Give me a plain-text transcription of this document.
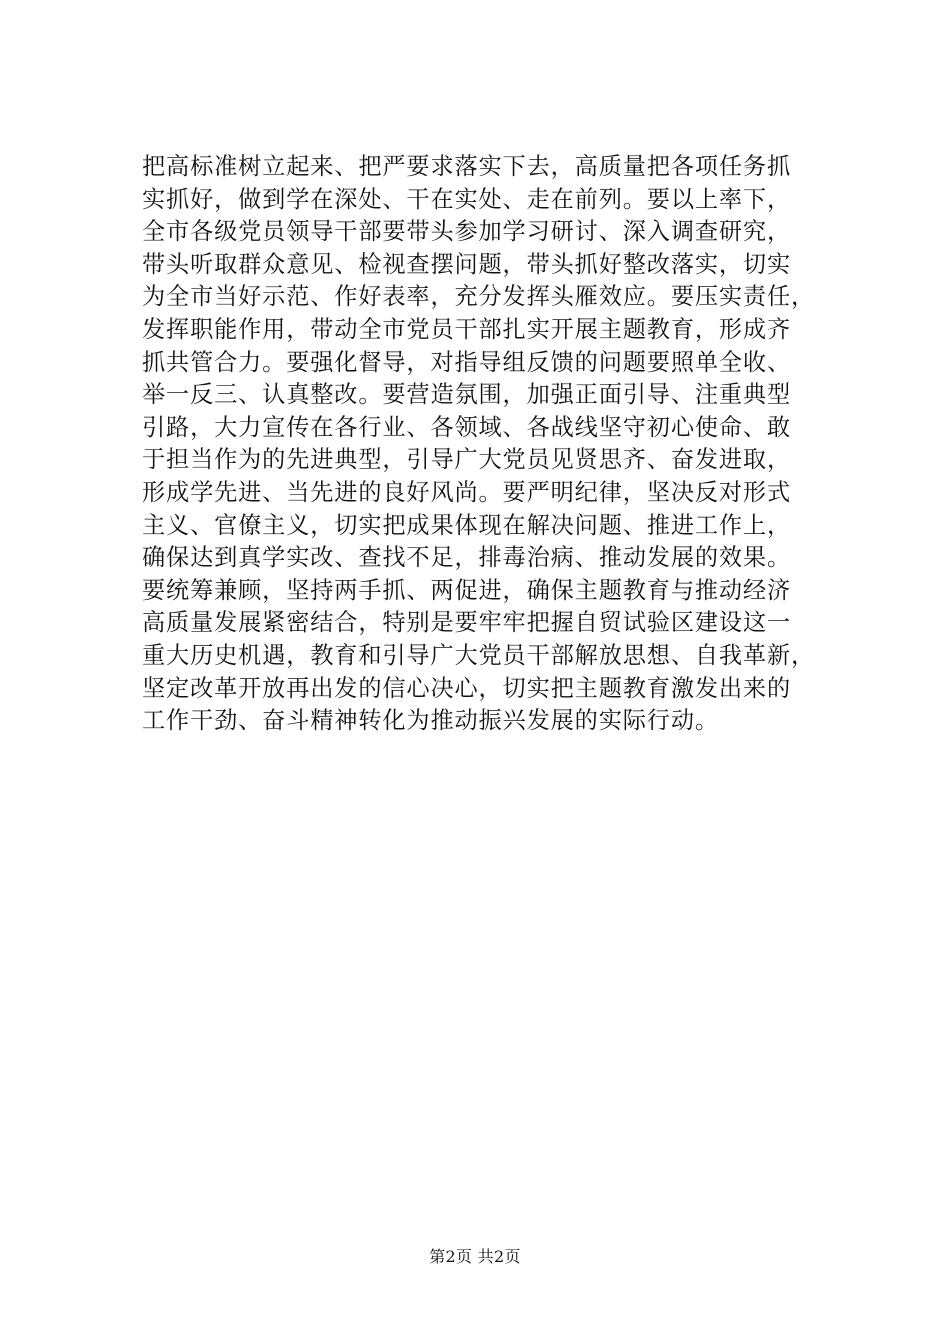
把高标准树立起来、把严要求落实下去，高质量把各项任务抓
实抓好，做到学在深处、干在实处、走在前列。要以上率下，
全市各级党员领导干部要带头参加学习研讨、深入调查研究，
带头听取群众意见、检视查摆问题，带头抓好整改落实，切实
为全市当好示范、作好表率，充分发挥头雁效应。要压实责任，
发挥职能作用，带动全市党员干部扎实开展主题教育，形成齐
抓共管合力。要强化督导，对指导组反馈的问题要照单全收、
举一反三、认真整改。要营造氛围，加强正面引导、注重典型
引路，大力宣传在各行业、各领域、各战线坚守初心使命、敢
于担当作为的先进典型，引导广大党员见贤思齐、奋发进取，
形成学先进、当先进的良好风尚。要严明纪律，坚决反对形式
主义、官僚主义，切实把成果体现在解决问题、推进工作上，
确保达到真学实改、查找不足，排毒治病、推动发展的效果。
要统筹兼顾，坚持两手抓、两促进，确保主题教育与推动经济
高质量发展紧密结合，特别是要牢牢把握自贸试验区建设这一
重大历史机遇，教育和引导广大党员干部解放思想、自我革新，
坚定改革开放再出发的信心决心，切实把主题教育激发出来的
工作干劲、奋斗精神转化为推动振兴发展的实际行动。
第2页 共2页
